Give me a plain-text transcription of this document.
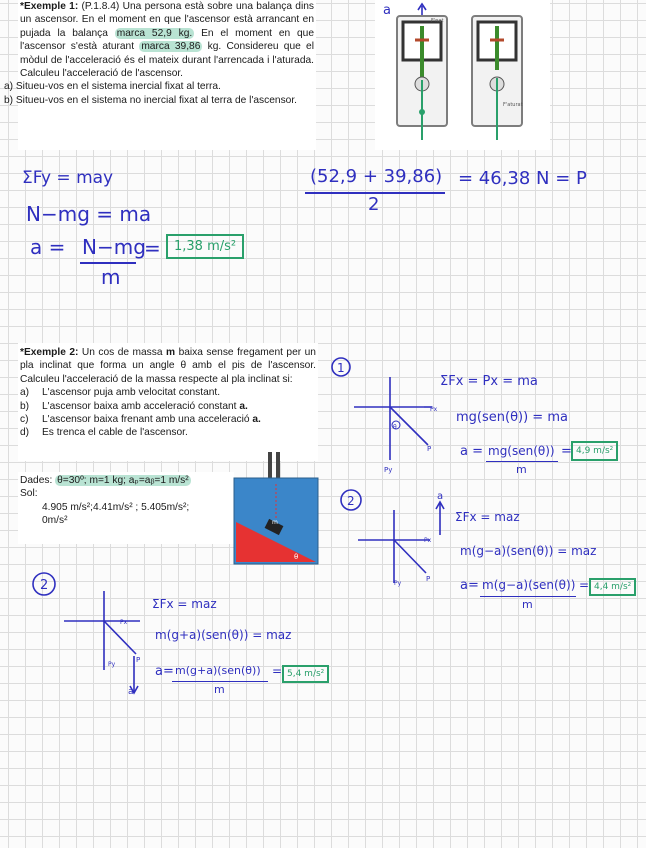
*Exemple 1: (P.1.8.4) Una persona està sobre una balança dins un ascensor. En el moment en que l'ascensor està arrancant en pujada la balança marca 52,9 kg. En el moment en que l'ascensor s'està aturant marca 39,86 kg. Considereu que el mòdul de l'acceleració és el mateix durant l'arrencada i l'aturada. Calculeu l'acceleració de l'ascensor.
a) Situeu-vos en el sistema inercial fixat al terra.
b) Situeu-vos en el sistema no inercial fixat al terra de l'ascensor.
a
F'nat
F'aturat
ΣFy = may
N−mg = ma
a = N−mg
m
=	1,38 m/s²
(52,9 + 39,86)
2
= 46,38 N = P
*Exemple 2: Un cos de massa m baixa sense fregament per un pla inclinat que forma un angle θ amb el pis de l'ascensor. Calculeu l'acceleració de la massa respecte al pla inclinat si:
a)	L'ascensor puja amb velocitat constant.
b)	L'ascensor baixa amb acceleració constant a.
c)	L'ascensor baixa frenant amb una acceleració a.
d)	Es trenca el cable de l'ascensor.
Dades: θ=30º; m=1 kg; aₚ=aᵦ=1 m/s²
Sol:
4.905 m/s²;4.41m/s² ; 5.405m/s²;
0m/s²	m
θ
1
θ
Py
P
Px
ΣFx = Px = ma
mg(sen(θ)) = ma
a = mg(sen(θ))
m
= 4,9 m/s²
2	a
Px
Py
P
ΣFx = maz
m(g−a)(sen(θ)) = maz
a= m(g−a)(sen(θ))
m
= 4,4 m/s²
2
Px
Py
P
a
ΣFx = maz
m(g+a)(sen(θ)) = maz
a= m(g+a)(sen(θ))
m
= 5,4 m/s²
